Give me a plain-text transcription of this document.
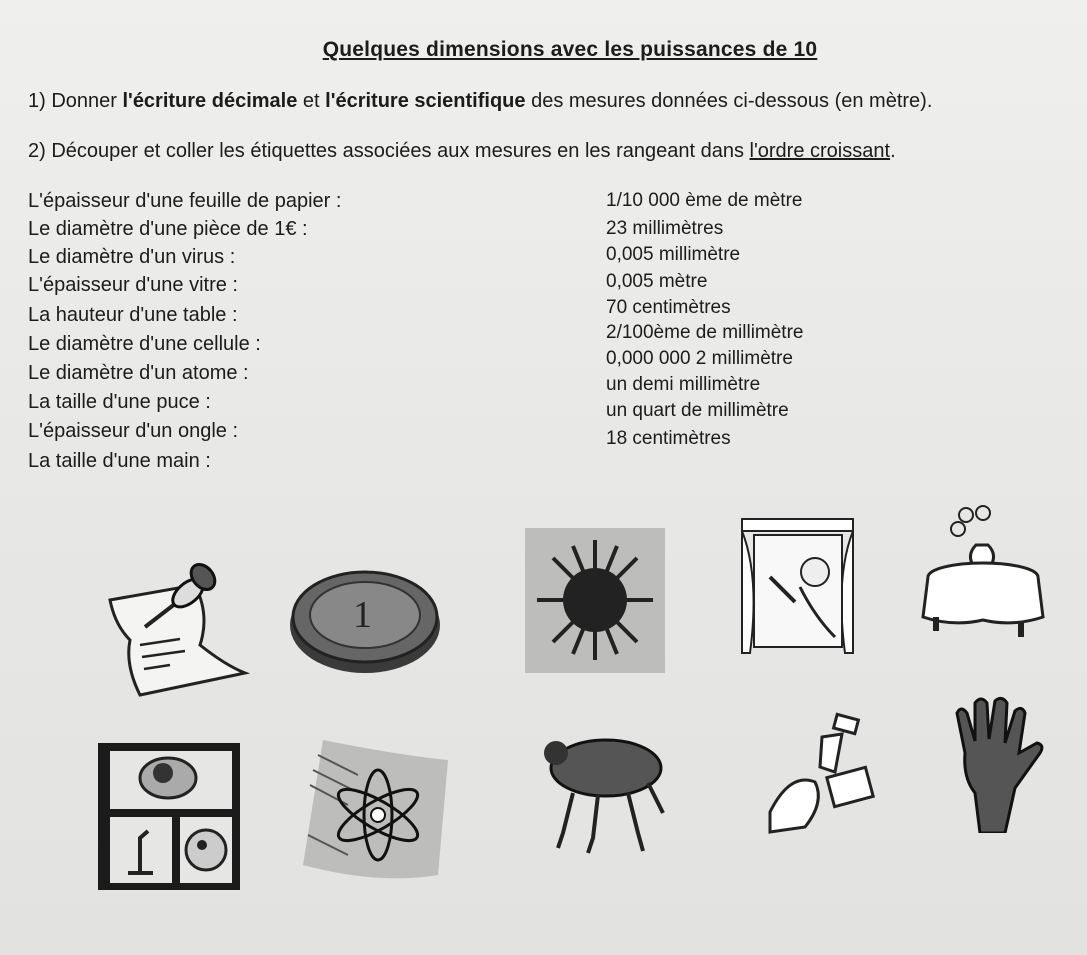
Quelques dimensions avec les puissances de 10
1) Donner l'écriture décimale et l'écriture scientifique des mesures données ci-dessous (en mètre).
2) Découper et coller les étiquettes associées aux mesures en les rangeant dans l'ordre croissant.
L'épaisseur d'une feuille de papier :	1/10 000 ème de mètre
Le diamètre d'une pièce de 1€ :	23 millimètres
Le diamètre d'un virus :	0,005 millimètre
L'épaisseur d'une vitre :	0,005 mètre
La hauteur d'une table :	70 centimètres
Le diamètre d'une cellule :
2/100ème de millimètre
Le diamètre d'un atome :
0,000 000 2 millimètre
La taille d'une puce :
un demi millimètre
L'épaisseur d'un ongle :
un quart de millimètre
La taille d'une main :
18 centimètres
1
